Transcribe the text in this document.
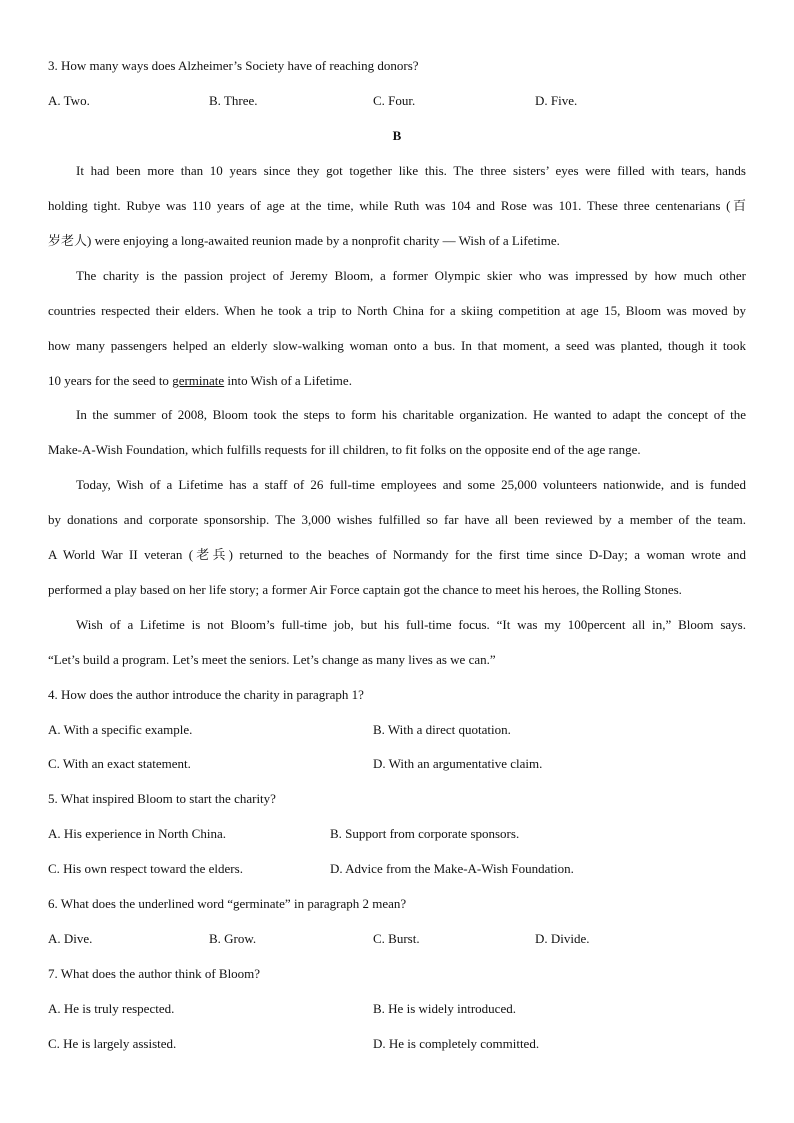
3. How many ways does Alzheimer’s Society have of reaching donors?
A. Two.	B. Three.	C. Four.	D. Five.
B
It had been more than 10 years since they got together like this. The three sisters’ eyes were filled with tears, hands
holding tight. Rubye was 110 years of age at the time, while Ruth was 104 and Rose was 101. These three centenarians (百
岁老人) were enjoying a long-awaited reunion made by a nonprofit charity — Wish of a Lifetime.
The charity is the passion project of Jeremy Bloom, a former Olympic skier who was impressed by how much other
countries respected their elders. When he took a trip to North China for a skiing competition at age 15, Bloom was moved by
how many passengers helped an elderly slow-walking woman onto a bus. In that moment, a seed was planted, though it took
10 years for the seed to germinate into Wish of a Lifetime.
In the summer of 2008, Bloom took the steps to form his charitable organization. He wanted to adapt the concept of the
Make-A-Wish Foundation, which fulfills requests for ill children, to fit folks on the opposite end of the age range.
Today, Wish of a Lifetime has a staff of 26 full-time employees and some 25,000 volunteers nationwide, and is funded
by donations and corporate sponsorship. The 3,000 wishes fulfilled so far have all been reviewed by a member of the team.
A World War II veteran (老兵) returned to the beaches of Normandy for the first time since D-Day; a woman wrote and
performed a play based on her life story; a former Air Force captain got the chance to meet his heroes, the Rolling Stones.
Wish of a Lifetime is not Bloom’s full-time job, but his full-time focus. “It was my 100percent all in,” Bloom says.
“Let’s build a program. Let’s meet the seniors. Let’s change as many lives as we can.”
4. How does the author introduce the charity in paragraph 1?
A. With a specific example.	B. With a direct quotation.
C. With an exact statement.	D. With an argumentative claim.
5. What inspired Bloom to start the charity?
A. His experience in North China.	B. Support from corporate sponsors.
C. His own respect toward the elders.	D. Advice from the Make-A-Wish Foundation.
6. What does the underlined word “germinate” in paragraph 2 mean?
A. Dive.	B. Grow.	C. Burst.	D. Divide.
7. What does the author think of Bloom?
A. He is truly respected.	B. He is widely introduced.
C. He is largely assisted.	D. He is completely committed.
